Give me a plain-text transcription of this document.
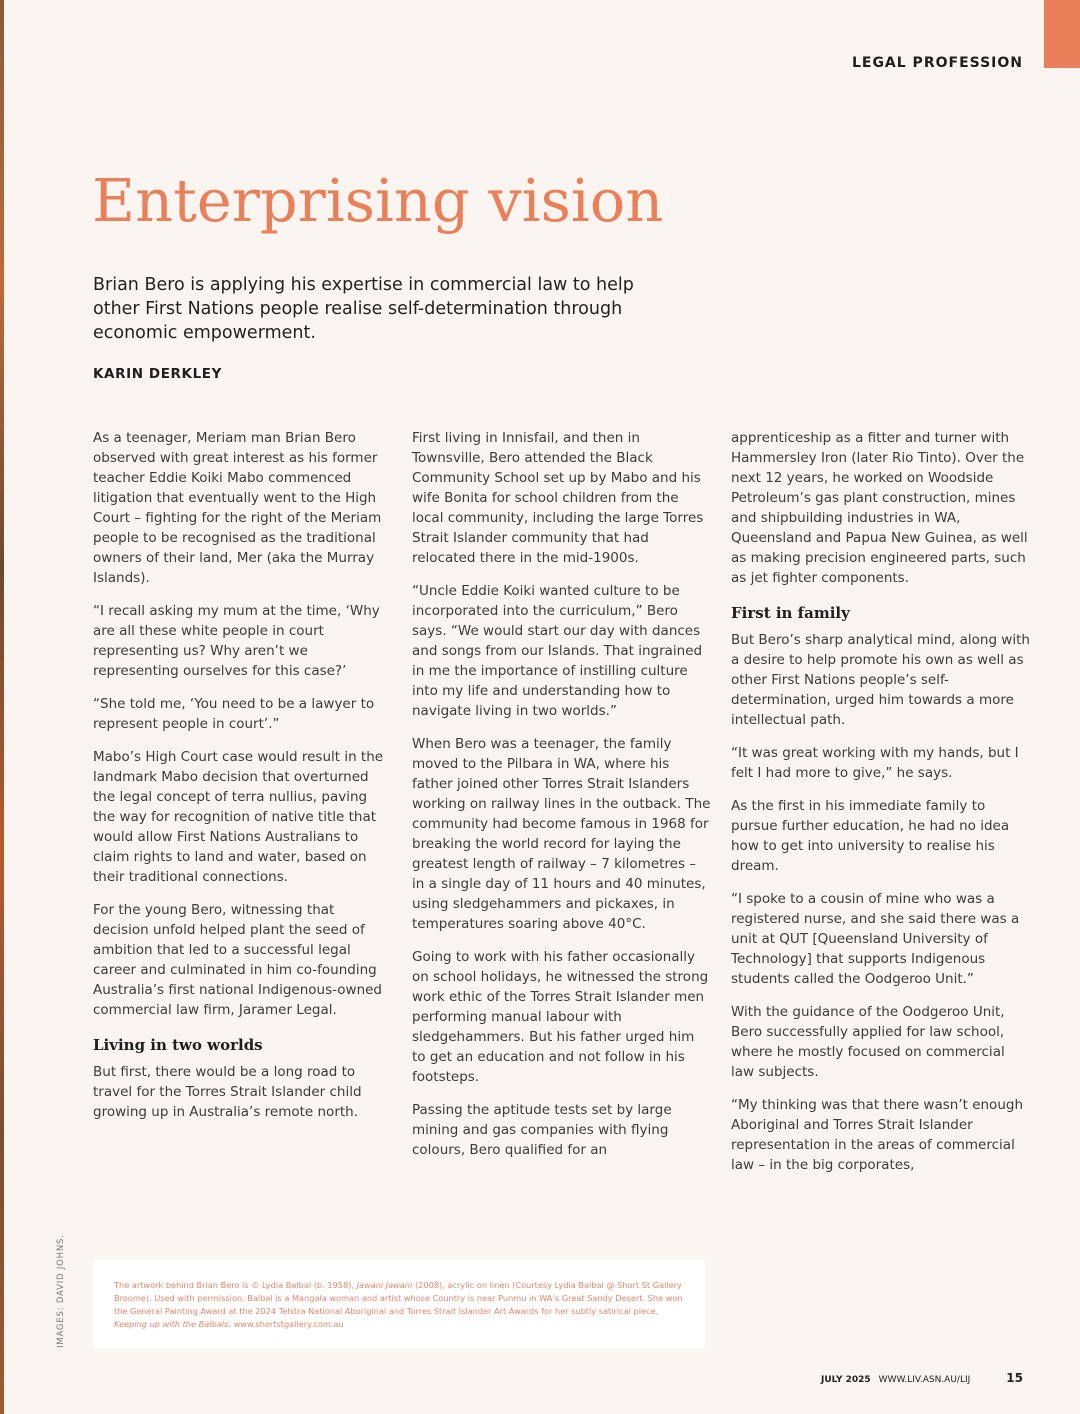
LEGAL PROFESSION
Enterprising vision

Brian Bero is applying his expertise in commercial law to help other First Nations people realise self-determination through economic empowerment.

KARIN DERKLEY

As a teenager, Meriam man Brian Bero observed with great interest as his former teacher Eddie Koiki Mabo commenced litigation that eventually went to the High Court – fighting for the right of the Meriam people to be recognised as the traditional owners of their land, Mer (aka the Murray Islands).

“I recall asking my mum at the time, ‘Why are all these white people in court representing us? Why aren’t we representing ourselves for this case?’

“She told me, ‘You need to be a lawyer to represent people in court’.”

Mabo’s High Court case would result in the landmark Mabo decision that overturned the legal concept of terra nullius, paving the way for recognition of native title that would allow First Nations Australians to claim rights to land and water, based on their traditional connections.

For the young Bero, witnessing that decision unfold helped plant the seed of ambition that led to a successful legal career and culminated in him co-founding Australia’s first national Indigenous-owned commercial law firm, Jaramer Legal.

Living in two worlds

But first, there would be a long road to travel for the Torres Strait Islander child growing up in Australia’s remote north.

First living in Innisfail, and then in Townsville, Bero attended the Black Community School set up by Mabo and his wife Bonita for school children from the local community, including the large Torres Strait Islander community that had relocated there in the mid-1900s.

“Uncle Eddie Koiki wanted culture to be incorporated into the curriculum,” Bero says. “We would start our day with dances and songs from our Islands. That ingrained in me the importance of instilling culture into my life and understanding how to navigate living in two worlds.”

When Bero was a teenager, the family moved to the Pilbara in WA, where his father joined other Torres Strait Islanders working on railway lines in the outback. The community had become famous in 1968 for breaking the world record for laying the greatest length of railway – 7 kilometres – in a single day of 11 hours and 40 minutes, using sledgehammers and pickaxes, in temperatures soaring above 40°C.

Going to work with his father occasionally on school holidays, he witnessed the strong work ethic of the Torres Strait Islander men performing manual labour with sledgehammers. But his father urged him to get an education and not follow in his footsteps.

Passing the aptitude tests set by large mining and gas companies with flying colours, Bero qualified for an

apprenticeship as a fitter and turner with Hammersley Iron (later Rio Tinto). Over the next 12 years, he worked on Woodside Petroleum’s gas plant construction, mines and shipbuilding industries in WA, Queensland and Papua New Guinea, as well as making precision engineered parts, such as jet fighter components.

First in family

But Bero’s sharp analytical mind, along with a desire to help promote his own as well as other First Nations people’s self-determination, urged him towards a more intellectual path.

“It was great working with my hands, but I felt I had more to give,” he says.

As the first in his immediate family to pursue further education, he had no idea how to get into university to realise his dream.

“I spoke to a cousin of mine who was a registered nurse, and she said there was a unit at QUT [Queensland University of Technology] that supports Indigenous students called the Oodgeroo Unit.”

With the guidance of the Oodgeroo Unit, Bero successfully applied for law school, where he mostly focused on commercial law subjects.

“My thinking was that there wasn’t enough Aboriginal and Torres Strait Islander representation in the areas of commercial law – in the big corporates,

IMAGES: DAVID JOHNS.	The artwork behind Brian Bero is © Lydia Balbal (b. 1958), Jawani Jawani (2008), acrylic on linen (Courtesy Lydia Balbal @ Short St Gallery Broome). Used with permission. Balbal is a Mangala woman and artist whose Country is near Punmu in WA’s Great Sandy Desert. She won the General Painting Award at the 2024 Telstra National Aboriginal and Torres Strait Islander Art Awards for her subtly satirical piece, Keeping up with the Balbals. www.shortstgallery.com.au

JULY 2025 WWW.LIV.ASN.AU/LIJ	15
